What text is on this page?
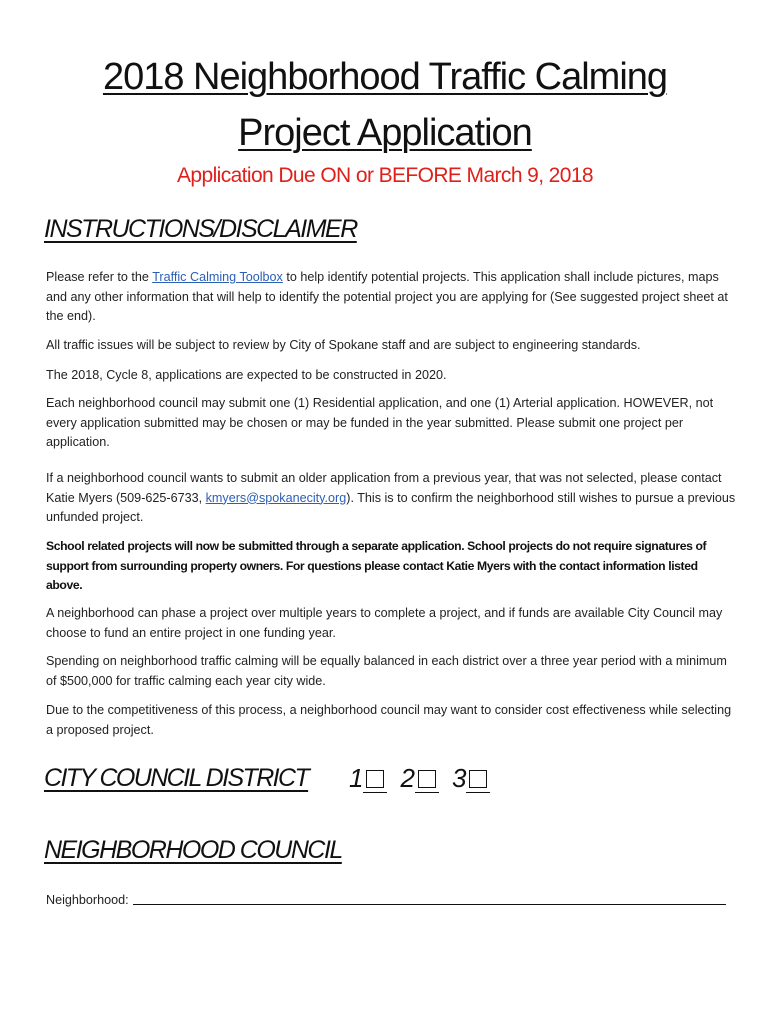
2018 Neighborhood Traffic Calming
Project Application
Application Due ON or BEFORE March 9, 2018
INSTRUCTIONS/DISCLAIMER

Please refer to the Traffic Calming Toolbox to help identify potential projects. This application shall include pictures, maps and any other information that will help to identify the potential project you are applying for (See suggested project sheet at the end).

All traffic issues will be subject to review by City of Spokane staff and are subject to engineering standards.

The 2018, Cycle 8, applications are expected to be constructed in 2020.

Each neighborhood council may submit one (1) Residential application, and one (1) Arterial application. HOWEVER, not every application submitted may be chosen or may be funded in the year submitted. Please submit one project per application.

If a neighborhood council wants to submit an older application from a previous year, that was not selected, please contact Katie Myers (509-625-6733, kmyers@spokanecity.org). This is to confirm the neighborhood still wishes to pursue a previous unfunded project.

School related projects will now be submitted through a separate application. School projects do not require signatures of support from surrounding property owners. For questions please contact Katie Myers with the contact information listed above.

A neighborhood can phase a project over multiple years to complete a project, and if funds are available City Council may choose to fund an entire project in one funding year.

Spending on neighborhood traffic calming will be equally balanced in each district over a three year period with a minimum of $500,000 for traffic calming each year city wide.

Due to the competitiveness of this process, a neighborhood council may want to consider cost effectiveness while selecting a proposed project.

CITY COUNCIL DISTRICT	1 2 3
NEIGHBORHOOD COUNCIL
Neighborhood:
